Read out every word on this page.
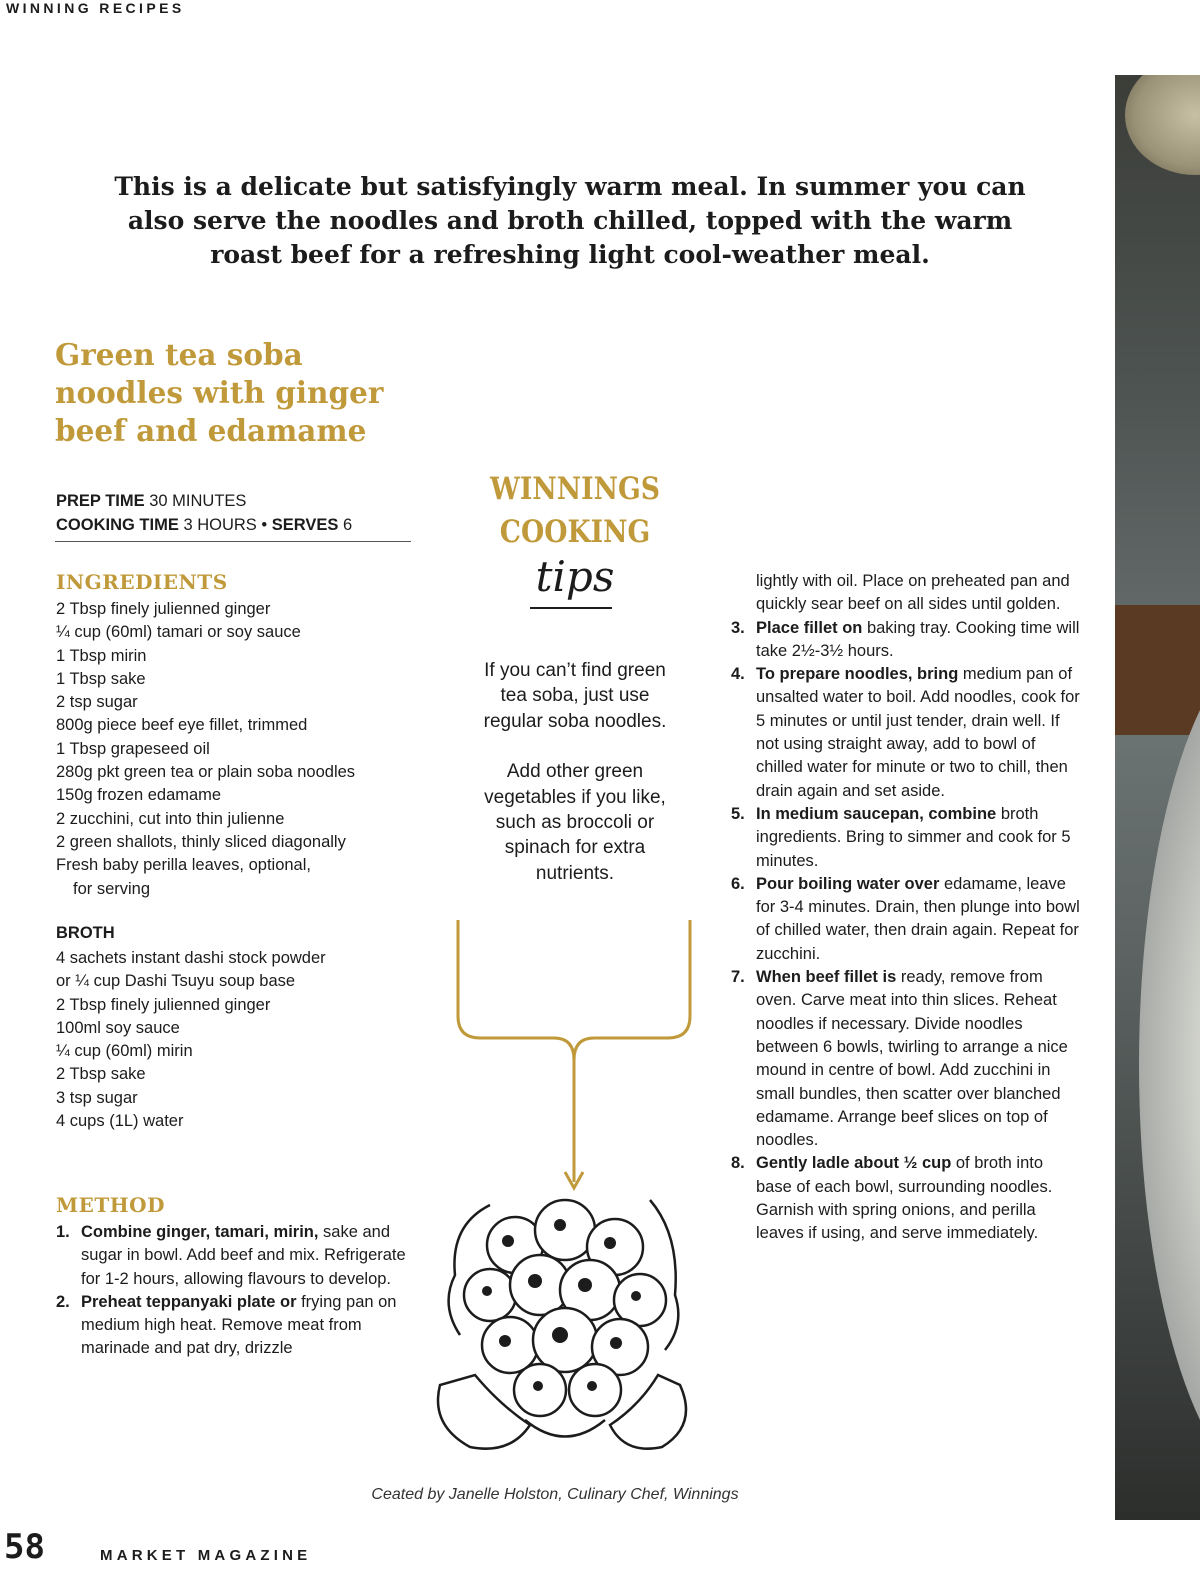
WINNING RECIPES
This is a delicate but satisfyingly warm meal. In summer you can also serve the noodles and broth chilled, topped with the warm roast beef for a refreshing light cool-weather meal.
Green tea soba noodles with ginger beef and edamame
PREP TIME 30 MINUTES
COOKING TIME 3 HOURS • SERVES 6
INGREDIENTS
2 Tbsp finely julienned ginger
¼ cup (60ml) tamari or soy sauce
1 Tbsp mirin
1 Tbsp sake
2 tsp sugar
800g piece beef eye fillet, trimmed
1 Tbsp grapeseed oil
280g pkt green tea or plain soba noodles
150g frozen edamame
2 zucchini, cut into thin julienne
2 green shallots, thinly sliced diagonally
Fresh baby perilla leaves, optional,
for serving
BROTH
4 sachets instant dashi stock powder
or ¼ cup Dashi Tsuyu soup base
2 Tbsp finely julienned ginger
100ml soy sauce
¼ cup (60ml) mirin
2 Tbsp sake
3 tsp sugar
4 cups (1L) water
METHOD
1. Combine ginger, tamari, mirin, sake and sugar in bowl. Add beef and mix. Refrigerate for 1-2 hours, allowing flavours to develop.
2. Preheat teppanyaki plate or frying pan on medium high heat. Remove meat from marinade and pat dry, drizzle
lightly with oil. Place on preheated pan and quickly sear beef on all sides until golden.
3. Place fillet on baking tray. Cooking time will take 2½-3½ hours.
4. To prepare noodles, bring medium pan of unsalted water to boil. Add noodles, cook for 5 minutes or until just tender, drain well. If not using straight away, add to bowl of chilled water for minute or two to chill, then drain again and set aside.
5. In medium saucepan, combine broth ingredients. Bring to simmer and cook for 5 minutes.
6. Pour boiling water over edamame, leave for 3-4 minutes. Drain, then plunge into bowl of chilled water, then drain again. Repeat for zucchini.
7. When beef fillet is ready, remove from oven. Carve meat into thin slices. Reheat noodles if necessary. Divide noodles between 6 bowls, twirling to arrange a nice mound in centre of bowl. Add zucchini in small bundles, then scatter over blanched edamame. Arrange beef slices on top of noodles.
8. Gently ladle about ½ cup of broth into base of each bowl, surrounding noodles. Garnish with spring onions, and perilla leaves if using, and serve immediately.
WINNINGS
COOKING
tips

If you can’t find green tea soba, just use regular soba noodles.

Add other green vegetables if you like, such as broccoli or spinach for extra nutrients.

Ceated by Janelle Holston, Culinary Chef, Winnings
58	MARKET MAGAZINE
